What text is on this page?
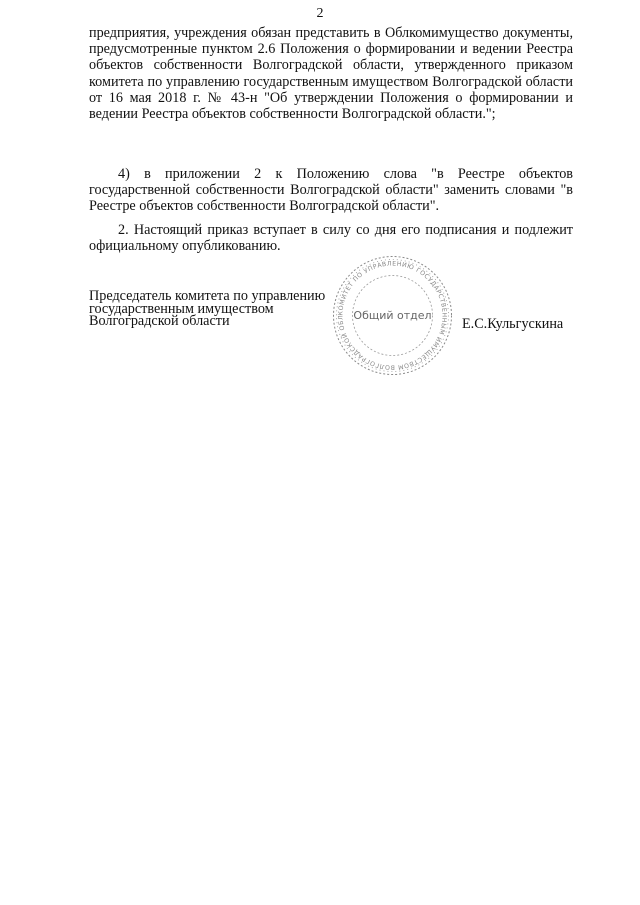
2
предприятия, учреждения обязан представить в Облкомимущество документы, предусмотренные пунктом 2.6 Положения о формировании и ведении Реестра объектов собственности Волгоградской области, утвержденного приказом комитета по управлению государственным имуществом Волгоградской области от 16 мая 2018 г. № 43-н "Об утверждении Положения о формировании и ведении Реестра объектов собственности Волгоградской области.";
4) в приложении 2 к Положению слова "в Реестре объектов государственной собственности Волгоградской области" заменить словами "в Реестре объектов собственности Волгоградской области".
2. Настоящий приказ вступает в силу со дня его подписания и подлежит официальному опубликованию.
Председатель комитета по управлению
государственным имуществом
Волгоградской области	КОМИТЕТ ПО УПРАВЛЕНИЮ ГОСУДАРСТВЕННЫМ ИМУЩЕСТВОМ ВОЛГОГРАДСКОЙ ОБЛАСТИ
Общий отдел
Е.С.Кульгускина
